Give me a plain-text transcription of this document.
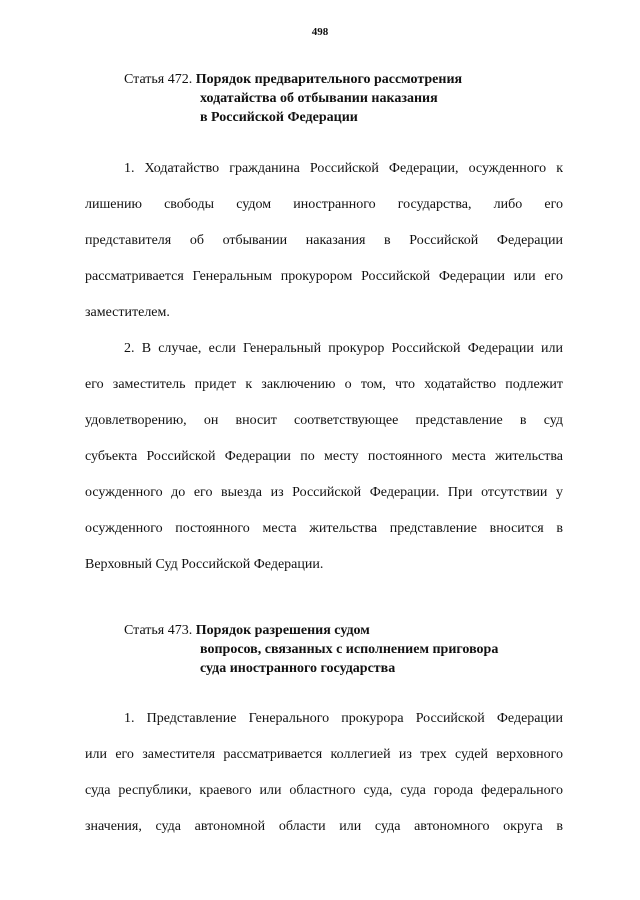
498
Статья 472. Порядок предварительного рассмотрения
ходатайства об отбывании наказания
в Российской Федерации
1. Ходатайство гражданина Российской Федерации, осужденного к
лишению свободы судом иностранного государства, либо его
представителя об отбывании наказания в Российской Федерации
рассматривается Генеральным прокурором Российской Федерации или его
заместителем.
2. В случае, если Генеральный прокурор Российской Федерации или
его заместитель придет к заключению о том, что ходатайство подлежит
удовлетворению, он вносит соответствующее представление в суд
субъекта Российской Федерации по месту постоянного места жительства
осужденного до его выезда из Российской Федерации. При отсутствии у
осужденного постоянного места жительства представление вносится в
Верховный Суд Российской Федерации.
Статья 473. Порядок разрешения судом
вопросов, связанных с исполнением приговора
суда иностранного государства
1. Представление Генерального прокурора Российской Федерации
или его заместителя рассматривается коллегией из трех судей верховного
суда республики, краевого или областного суда, суда города федерального
значения, суда автономной области или суда автономного округа в
